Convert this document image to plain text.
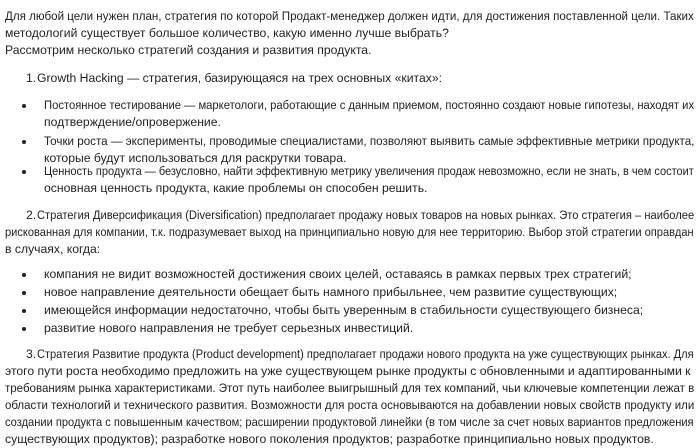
Для любой цели нужен план, стратегия по которой Продакт-менеджер должен идти, для достижения поставленной цели. Таких
методологий существует большое количество, какую именно лучше выбрать?
Рассмотрим несколько стратегий создания и развития продукта.
1. Growth Hacking — стратегия, базирующаяся на трех основных «китах»:
Постоянное тестирование — маркетологи, работающие с данным приемом, постоянно создают новые гипотезы, находят их
подтверждение/опровержение.
Точки роста — эксперименты, проводимые специалистами, позволяют выявить самые эффективные метрики продукта,
которые будут использоваться для раскрутки товара.
Ценность продукта — безусловно, найти эффективную метрику увеличения продаж невозможно, если не знать, в чем состоит
основная ценность продукта, какие проблемы он способен решить.
2. Стратегия Диверсификация (Diversification) предполагает продажу новых товаров на новых рынках. Это стратегия – наиболее
рискованная для компании, т.к. подразумевает выход на принципиально новую для нее территорию. Выбор этой стратегии оправдан
в случаях, когда:
компания не видит возможностей достижения своих целей, оставаясь в рамках первых трех стратегий;
новое направление деятельности обещает быть намного прибыльнее, чем развитие существующих;
имеющейся информации недостаточно, чтобы быть уверенным в стабильности существующего бизнеса;
развитие нового направления не требует серьезных инвестиций.
3. Стратегия Развитие продукта (Product development) предполагает продажи нового продукта на уже существующих рынках. Для
этого пути роста необходимо предложить на уже существующем рынке продукты с обновленными и адаптированными к
требованиям рынка характеристиками. Этот путь наиболее выигрышный для тех компаний, чьи ключевые компетенции лежат в
области технологий и технического развития. Возможности для роста основываются на добавлении новых свойств продукту или
создании продукта с повышенным качеством; расширении продуктовой линейки (в том числе за счет новых вариантов предложения
существующих продуктов); разработке нового поколения продуктов; разработке принципиально новых продуктов.
